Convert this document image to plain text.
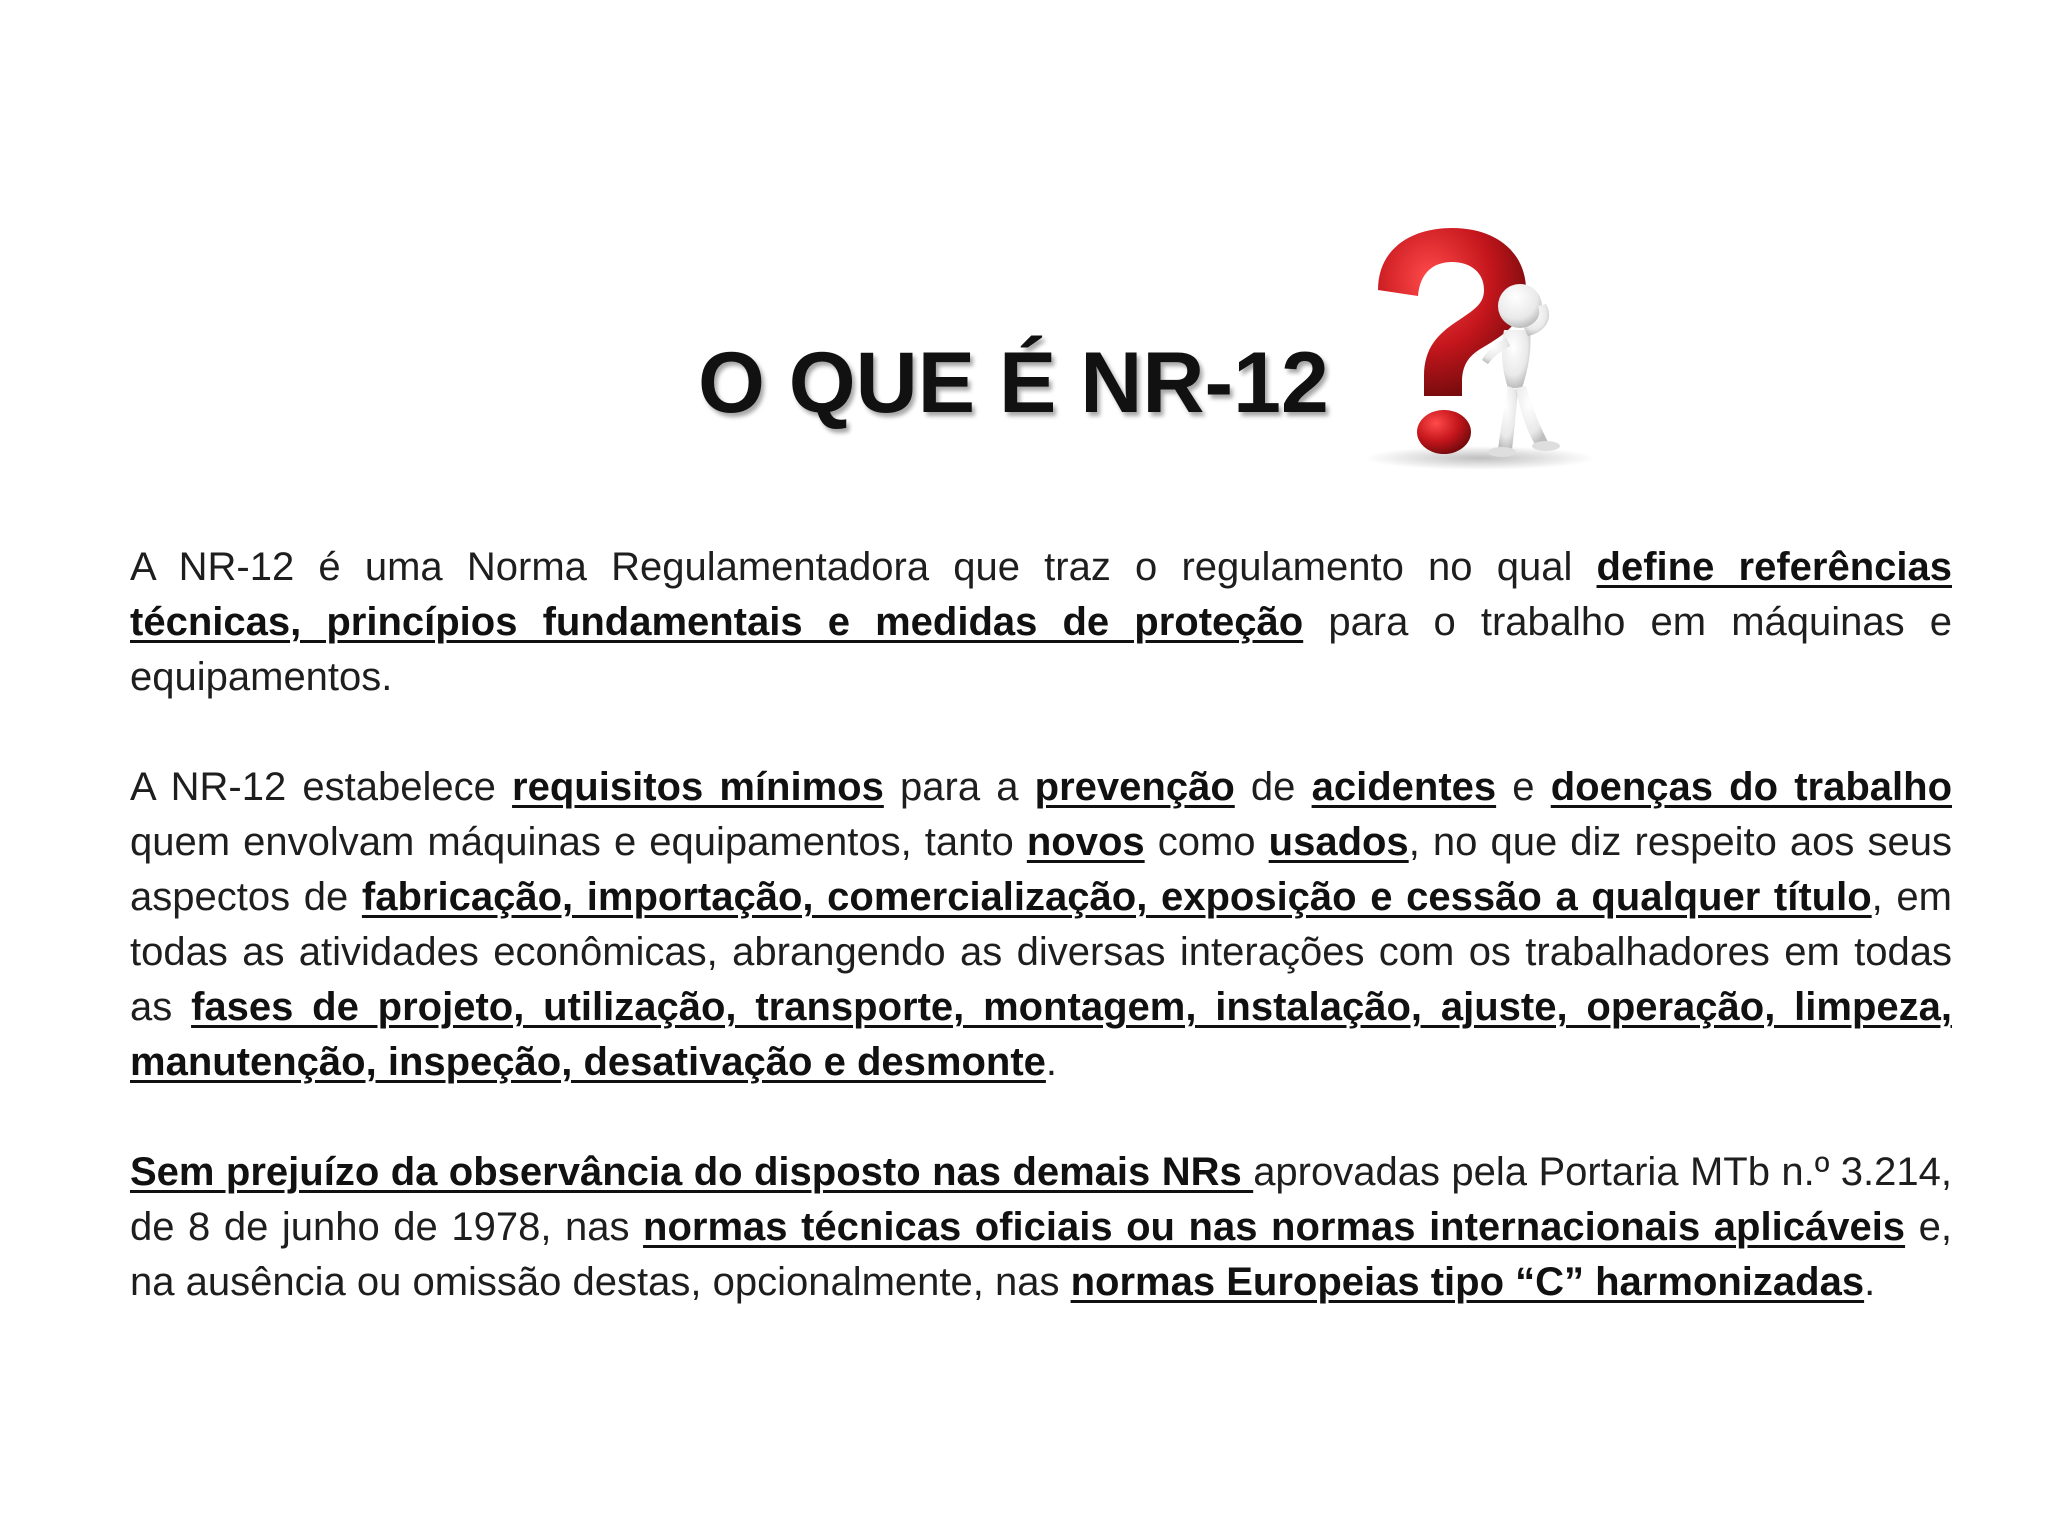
O QUE É NR-12

A NR-12 é uma Norma Regulamentadora que traz o regulamento no qual define referências técnicas, princípios fundamentais e medidas de proteção para o trabalho em máquinas e equipamentos.

A NR-12 estabelece requisitos mínimos para a prevenção de acidentes e doenças do trabalho quem envolvam máquinas e equipamentos, tanto novos como usados, no que diz respeito aos seus aspectos de fabricação, importação, comercialização, exposição e cessão a qualquer título, em todas as atividades econômicas, abrangendo as diversas interações com os trabalhadores em todas as fases de projeto, utilização, transporte, montagem, instalação, ajuste, operação, limpeza, manutenção, inspeção, desativação e desmonte.

Sem prejuízo da observância do disposto nas demais NRs aprovadas pela Portaria MTb n.º 3.214, de 8 de junho de 1978, nas normas técnicas oficiais ou nas normas internacionais aplicáveis e, na ausência ou omissão destas, opcionalmente, nas normas Europeias tipo “C” harmonizadas.
